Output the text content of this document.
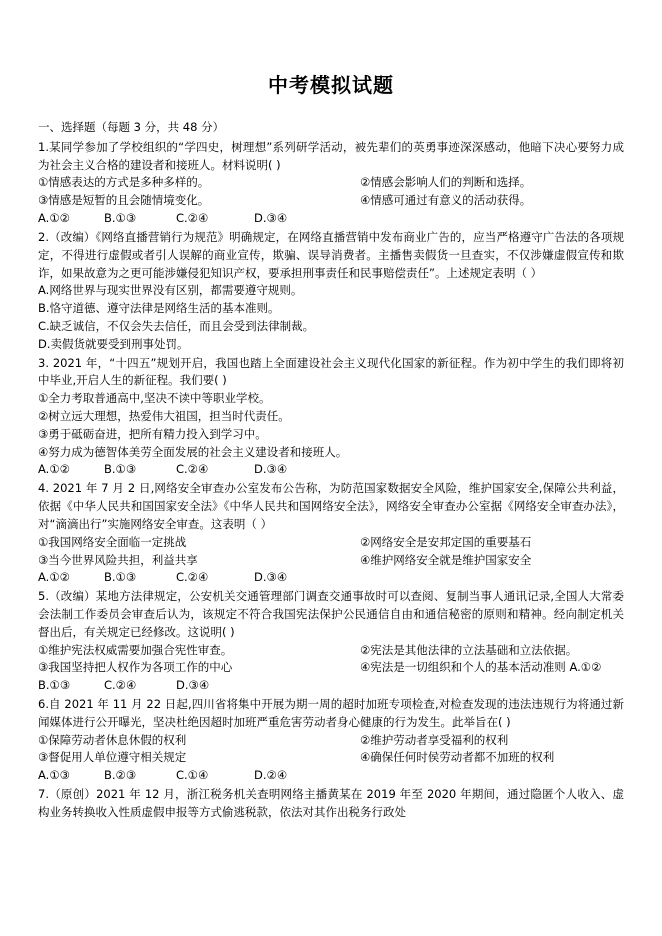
中考模拟试题
一、选择题（每题 3 分，共 48 分）

1.某同学参加了学校组织的“学四史，树理想”系列研学活动，被先辈们的英勇事迹深深感动，他暗下决心要努力成为社会主义合格的建设者和接班人。材料说明( )

①情感表达的方式是多种多样的。	②情感会影响人们的判断和选择。
③情感是短暂的且会随情境变化。	④情感可通过有意义的活动获得。
A.①②	B.①③	C.②④	D.③④

2.（改编）《网络直播营销行为规范》明确规定，在网络直播营销中发布商业广告的，应当严格遵守广告法的各项规定，不得进行虚假或者引人误解的商业宣传，欺骗、误导消费者。主播售卖假货一旦查实，不仅涉嫌虚假宣传和欺诈，如果故意为之更可能涉嫌侵犯知识产权，要承担刑事责任和民事赔偿责任”。上述规定表明（ ）

A.网络世界与现实世界没有区别，都需要遵守规则。

B.恪守道德、遵守法律是网络生活的基本准则。

C.缺乏诚信，不仅会失去信任，而且会受到法律制裁。

D.卖假货就要受到刑事处罚。

3. 2021 年，“十四五”规划开启，我国也踏上全面建设社会主义现代化国家的新征程。作为初中学生的我们即将初中毕业,开启人生的新征程。我们要( )

①全力考取普通高中,坚决不读中等职业学校。

②树立远大理想，热爱伟大祖国，担当时代责任。

③勇于砥砺奋进，把所有精力投入到学习中。

④努力成为德智体美劳全面发展的社会主义建设者和接班人。

A.①②	B.①③	C.②④	D.③④

4. 2021 年 7 月 2 日,网络安全审查办公室发布公告称，为防范国家数据安全风险，维护国家安全,保障公共利益，依据《中华人民共和国国家安全法》《中华人民共和国网络安全法》，网络安全审查办公室据《网络安全审查办法》，对“滴滴出行”实施网络安全审查。这表明（ ）

①我国网络安全面临一定挑战	②网络安全是安邦定国的重要基石
③当今世界风险共担，利益共享	④维护网络安全就是维护国家安全
A.①②	B.①③	C.②④	D.③④

5.（改编）某地方法律规定，公安机关交通管理部门调查交通事故时可以查阅、复制当事人通讯记录,全国人大常委会法制工作委员会审查后认为，该规定不符合我国宪法保护公民通信自由和通信秘密的原则和精神。经向制定机关督出后，有关规定已经修改。这说明( )

①维护宪法权威需要加强合宪性审查。	②宪法是其他法律的立法基础和立法依据。
③我国坚持把人权作为各项工作的中心	④宪法是一切组织和个人的基本活动准则 A.①②
B.①③	C.②④	D.③④

6.自 2021 年 11 月 22 日起,四川省将集中开展为期一周的超时加班专项检查,对检查发现的违法违规行为将通过新闻媒体进行公开曝光，坚决杜绝因超时加班严重危害劳动者身心健康的行为发生。此举旨在( )

①保障劳动者休息休假的权利	②维护劳动者享受福利的权利
③督促用人单位遵守相关规定	④确保任何时侯劳动者都不加班的权利
A.①③	B.②③	C.①④	D.②④

7.（原创）2021 年 12 月，浙江税务机关查明网络主播黄某在 2019 年至 2020 年期间，通过隐匿个人收入、虚构业务转换收入性质虚假申报等方式偷逃税款，依法对其作出税务行政处
